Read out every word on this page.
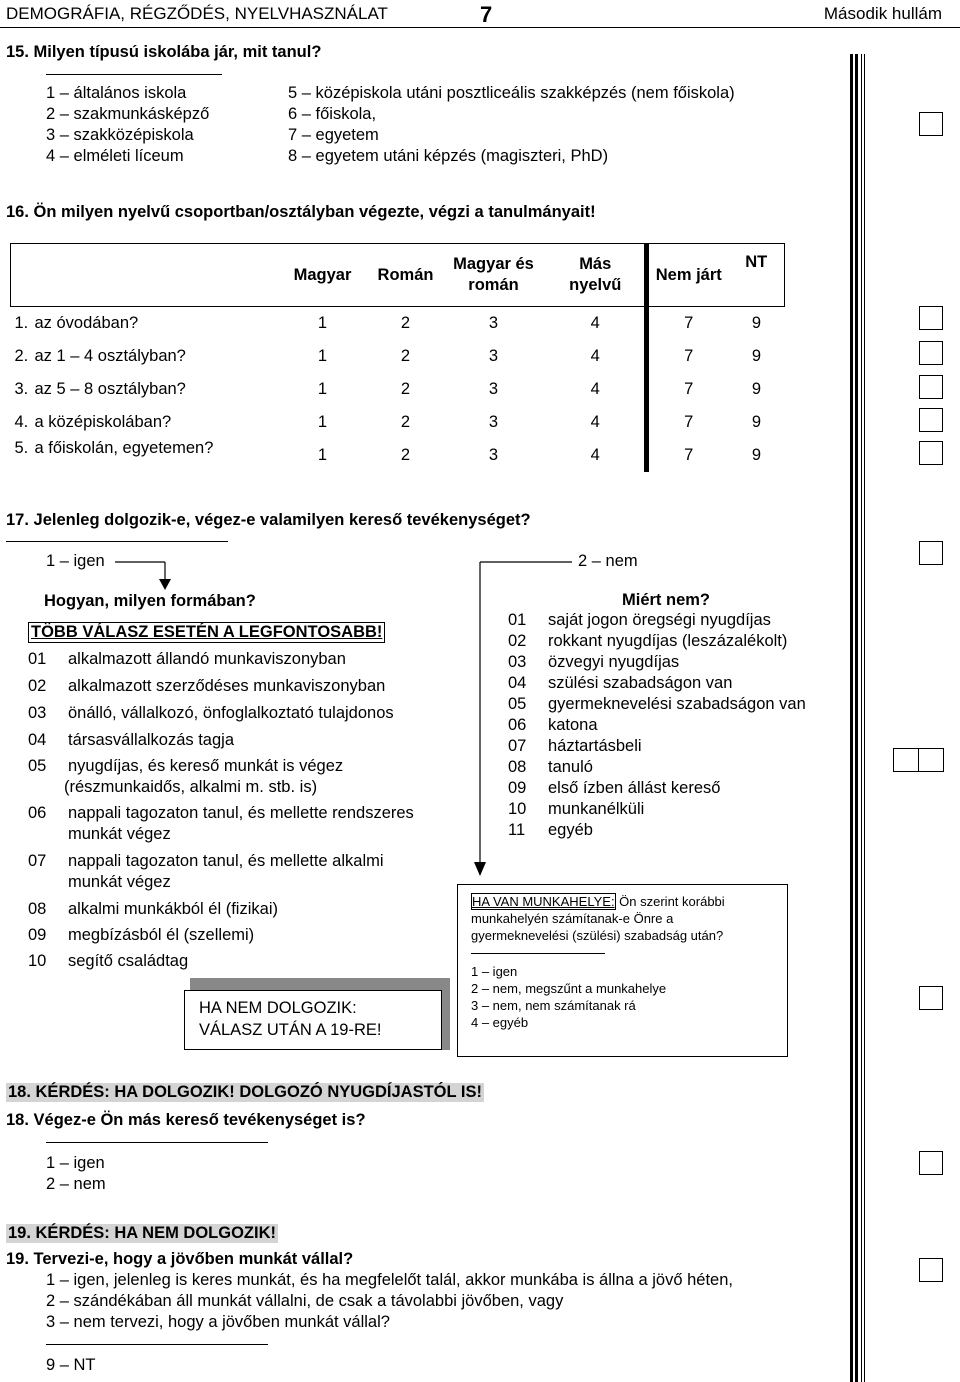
DEMOGRÁFIA, RÉGZŐDÉS, NYELVHASZNÁLAT	7	Második hullám
15. Milyen típusú iskolába jár, mit tanul?
1 – általános iskola
2 – szakmunkásképző
3 – szakközépiskola
4 – elméleti líceum
5 – középiskola utáni posztliceális szakképzés (nem főiskola)
6 – főiskola,
7 – egyetem
8 – egyetem utáni képzés (magiszteri, PhD)
16. Ön milyen nyelvű csoportban/osztályban végezte, végzi a tanulmányait!
	Magyar	Román	Magyar és román	Más nyelvű	Nem járt	NT
1. az óvodában?	1	2	3	4	7	9
2. az 1 – 4 osztályban?	1	2	3	4	7	9
3. az 5 – 8 osztályban?	1	2	3	4	7	9
4. a középiskolában?	1	2	3	4	7	9
5. a főiskolán, egyetemen?	1	2	3	4	7	9
17. Jelenleg dolgozik-e, végez-e valamilyen kereső tevékenységet?
1 – igen	2 – nem
Hogyan, milyen formában?
TÖBB VÁLASZ ESETÉN A LEGFONTOSABB!
01 alkalmazott állandó munkaviszonyban
02 alkalmazott szerződéses munkaviszonyban
03 önálló, vállalkozó, önfoglalkoztató tulajdonos
04 társasvállalkozás tagja
05 nyugdíjas, és kereső munkát is végez
(részmunkaidős, alkalmi m. stb. is)
06 nappali tagozaton tanul, és mellette rendszeres
munkát végez
07 nappali tagozaton tanul, és mellette alkalmi
munkát végez
08 alkalmi munkákból él (fizikai)
09 megbízásból él (szellemi)
10 segítő családtag
Miért nem?
01 saját jogon öregségi nyugdíjas
02 rokkant nyugdíjas (leszázalékolt)
03 özvegyi nyugdíjas
04 szülési szabadságon van
05 gyermeknevelési szabadságon van
06 katona
07 háztartásbeli
08 tanuló
09 első ízben állást kereső
10 munkanélküli
11 egyéb
HA NEM DOLGOZIK:
VÁLASZ UTÁN A 19-RE!
HA VAN MUNKAHELYE: Ön szerint korábbi
munkahelyén számítanak-e Önre a
gyermeknevelési (szülési) szabadság után?
1 – igen
2 – nem, megszűnt a munkahelye
3 – nem, nem számítanak rá
4 – egyéb
18. KÉRDÉS: HA DOLGOZIK! DOLGOZÓ NYUGDÍJASTÓL IS!
18. Végez-e Ön más kereső tevékenységet is?
1 – igen
2 – nem
19. KÉRDÉS: HA NEM DOLGOZIK!
19. Tervezi-e, hogy a jövőben munkát vállal?
1 – igen, jelenleg is keres munkát, és ha megfelelőt talál, akkor munkába is állna a jövő héten,
2 – szándékában áll munkát vállalni, de csak a távolabbi jövőben, vagy
3 – nem tervezi, hogy a jövőben munkát vállal?
9 – NT
